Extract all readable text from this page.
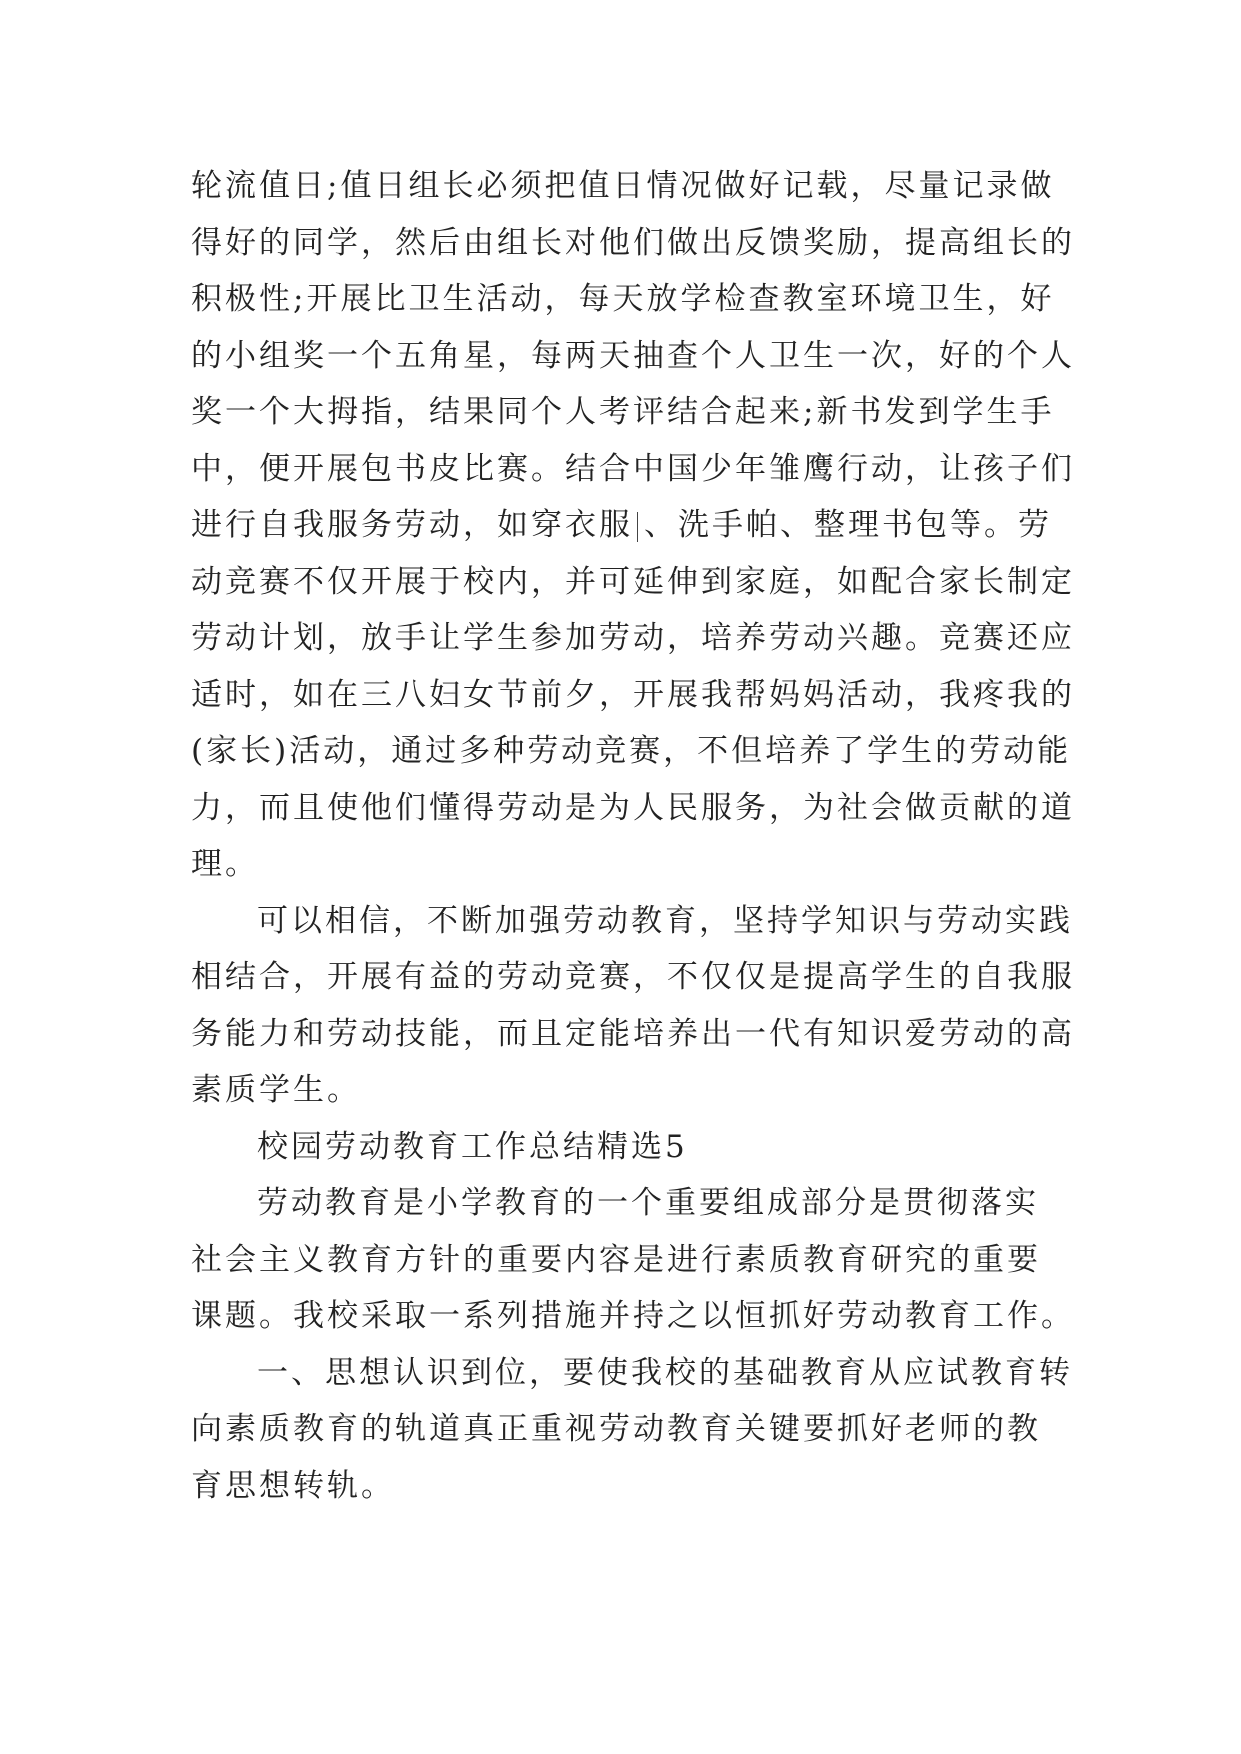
轮流值日;值日组长必须把值日情况做好记载，尽量记录做
得好的同学，然后由组长对他们做出反馈奖励，提高组长的
积极性;开展比卫生活动，每天放学检查教室环境卫生，好
的小组奖一个五角星，每两天抽查个人卫生一次，好的个人
奖一个大拇指，结果同个人考评结合起来;新书发到学生手
中，便开展包书皮比赛。结合中国少年雏鹰行动，让孩子们
进行自我服务劳动，如穿衣服 、洗手帕、整理书包等。劳
动竞赛不仅开展于校内，并可延伸到家庭，如配合家长制定
劳动计划，放手让学生参加劳动，培养劳动兴趣。竞赛还应
适时，如在三八妇女节前夕，开展我帮妈妈活动，我疼我的
(家长)活动，通过多种劳动竞赛，不但培养了学生的劳动能
力，而且使他们懂得劳动是为人民服务，为社会做贡献的道
理。
可以相信，不断加强劳动教育，坚持学知识与劳动实践
相结合，开展有益的劳动竞赛，不仅仅是提高学生的自我服
务能力和劳动技能，而且定能培养出一代有知识爱劳动的高
素质学生。
校园劳动教育工作总结精选5
劳动教育是小学教育的一个重要组成部分是贯彻落实
社会主义教育方针的重要内容是进行素质教育研究的重要
课题。我校采取一系列措施并持之以恒抓好劳动教育工作。
一、思想认识到位，要使我校的基础教育从应试教育转
向素质教育的轨道真正重视劳动教育关键要抓好老师的教
育思想转轨。
